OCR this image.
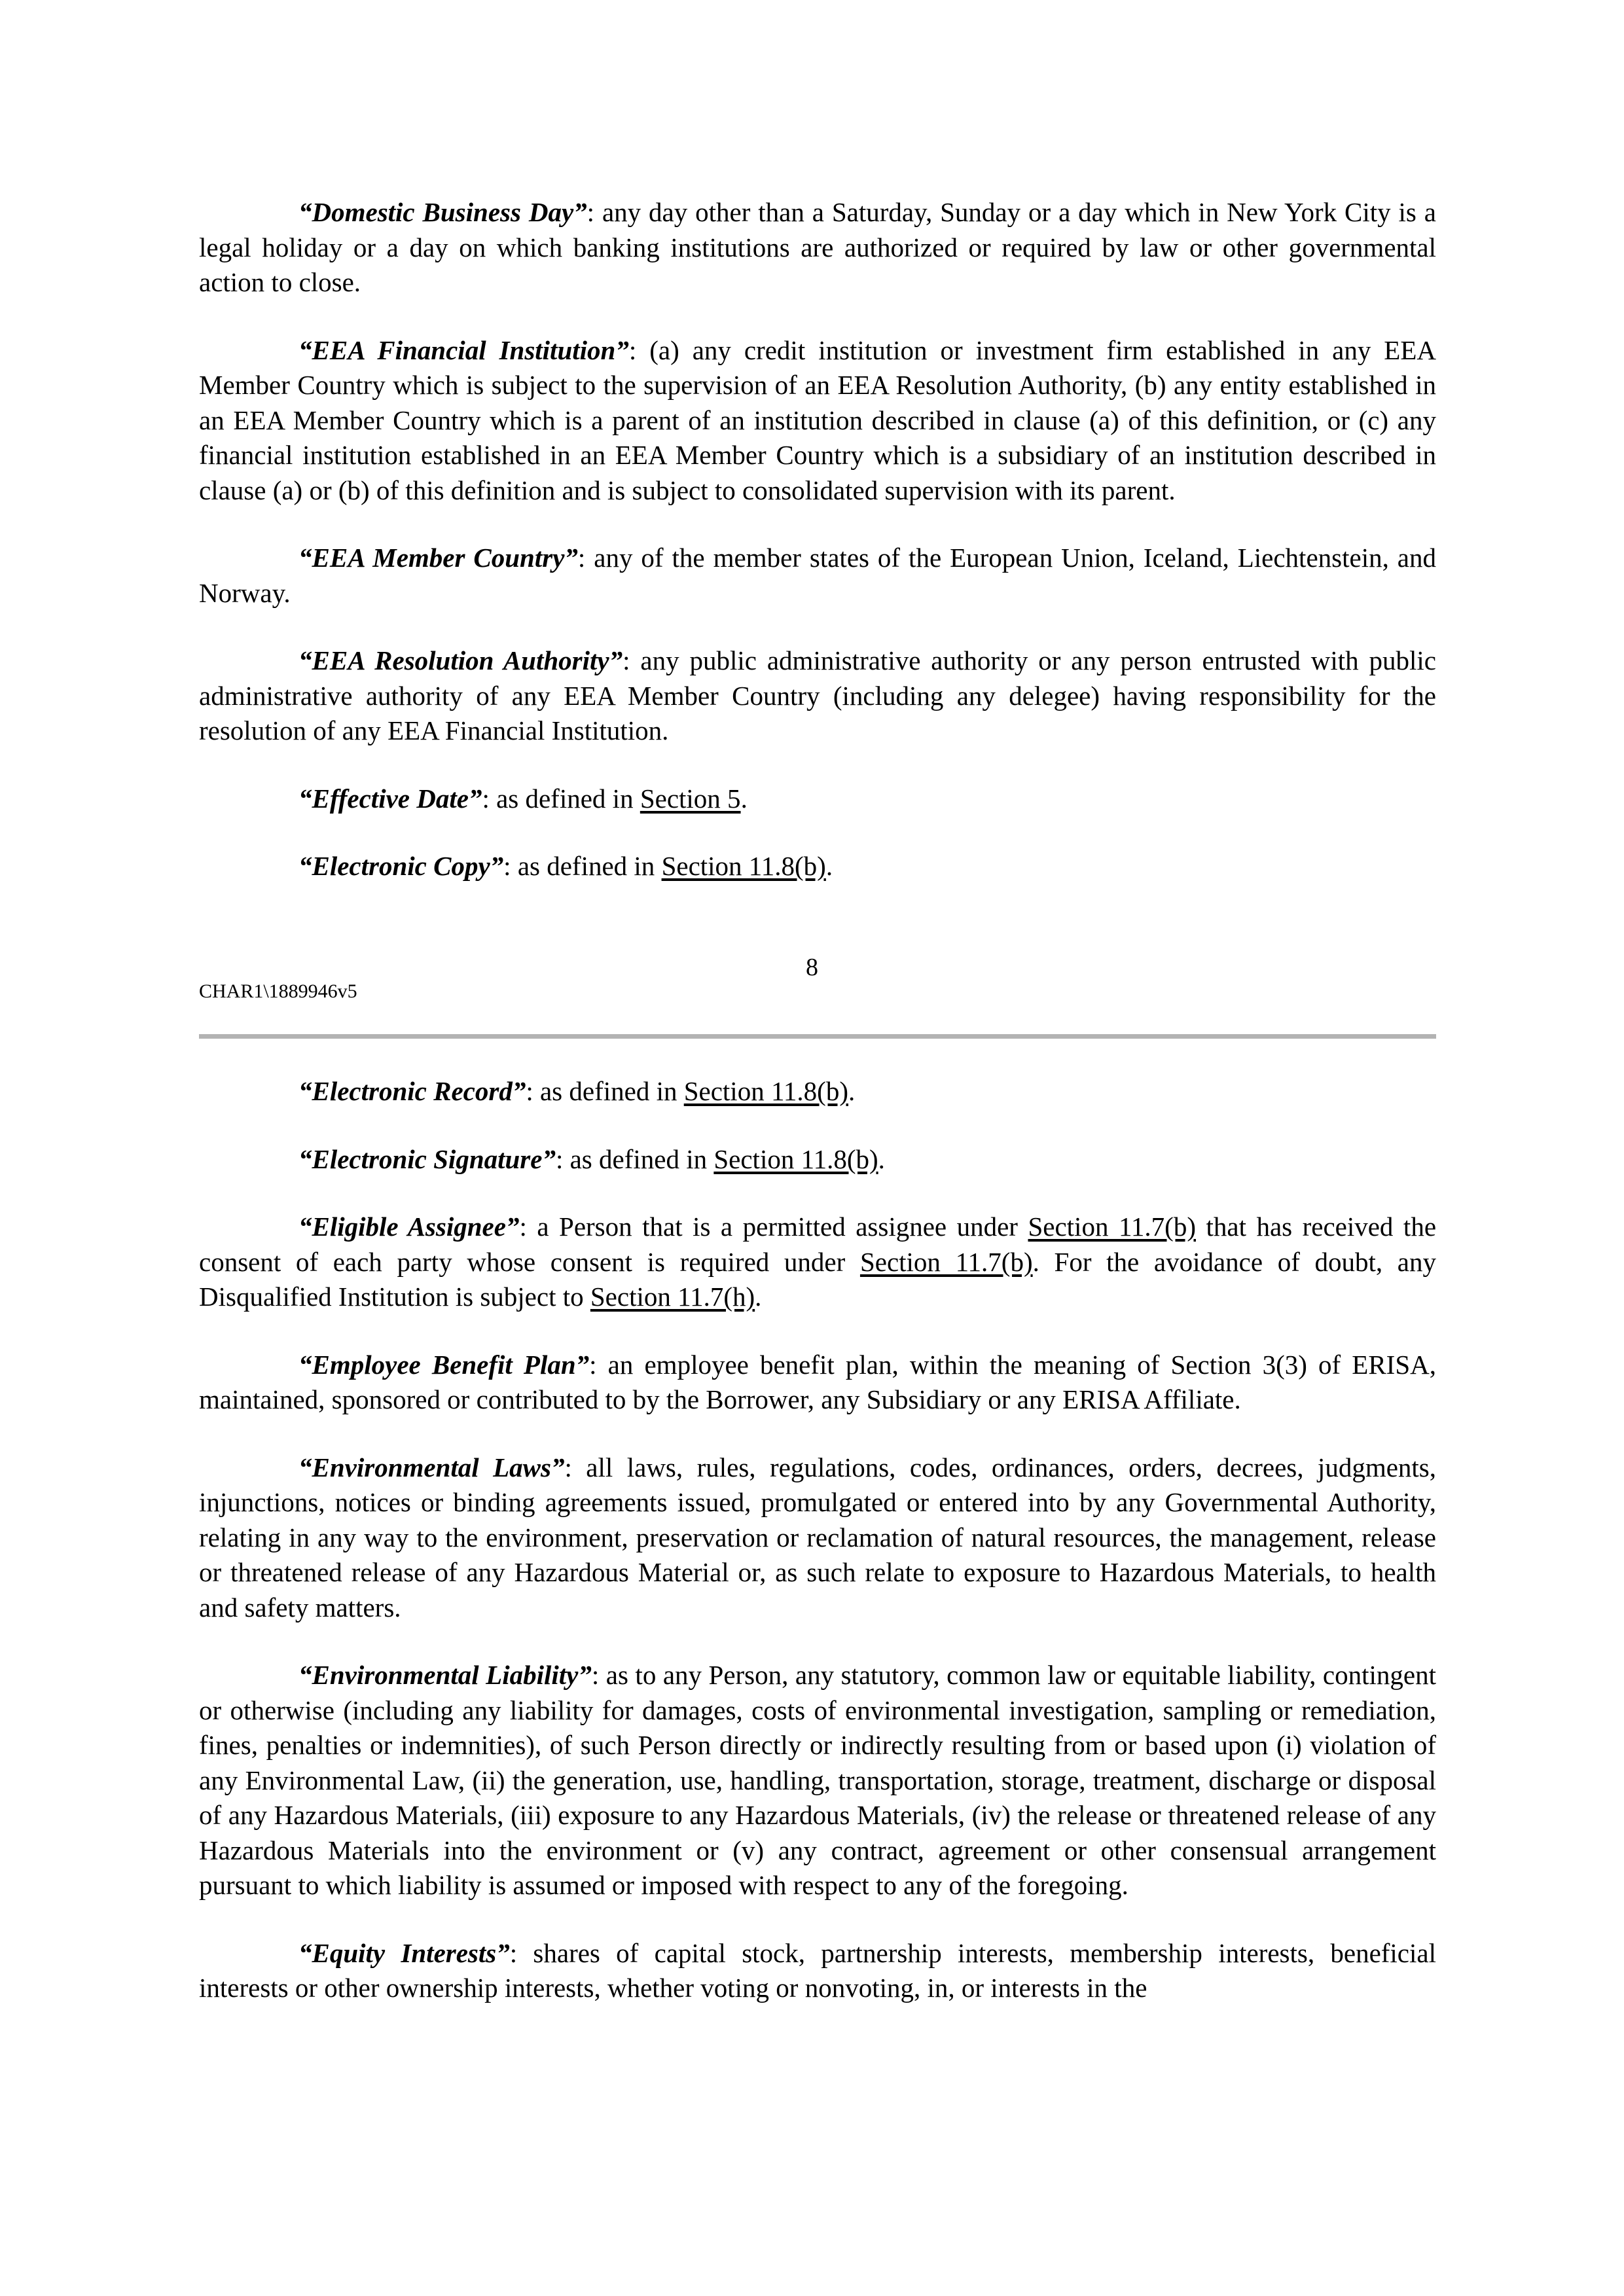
“Domestic Business Day”: any day other than a Saturday, Sunday or a day which in New York City is a legal holiday or a day on which banking institutions are authorized or required by law or other governmental action to close.

“EEA Financial Institution”: (a) any credit institution or investment firm established in any EEA Member Country which is subject to the supervision of an EEA Resolution Authority, (b) any entity established in an EEA Member Country which is a parent of an institution described in clause (a) of this definition, or (c) any financial institution established in an EEA Member Country which is a subsidiary of an institution described in clause (a) or (b) of this definition and is subject to consolidated supervision with its parent.

“EEA Member Country”: any of the member states of the European Union, Iceland, Liechtenstein, and Norway.

“EEA Resolution Authority”: any public administrative authority or any person entrusted with public administrative authority of any EEA Member Country (including any delegee) having responsibility for the resolution of any EEA Financial Institution.

“Effective Date”: as defined in Section 5.

“Electronic Copy”: as defined in Section 11.8(b).

8
CHAR1\1889946v5

“Electronic Record”: as defined in Section 11.8(b).

“Electronic Signature”: as defined in Section 11.8(b).

“Eligible Assignee”: a Person that is a permitted assignee under Section 11.7(b) that has received the consent of each party whose consent is required under Section 11.7(b). For the avoidance of doubt, any Disqualified Institution is subject to Section 11.7(h).

“Employee Benefit Plan”: an employee benefit plan, within the meaning of Section 3(3) of ERISA, maintained, sponsored or contributed to by the Borrower, any Subsidiary or any ERISA Affiliate.

“Environmental Laws”: all laws, rules, regulations, codes, ordinances, orders, decrees, judgments, injunctions, notices or binding agreements issued, promulgated or entered into by any Governmental Authority, relating in any way to the environment, preservation or reclamation of natural resources, the management, release or threatened release of any Hazardous Material or, as such relate to exposure to Hazardous Materials, to health and safety matters.

“Environmental Liability”: as to any Person, any statutory, common law or equitable liability, contingent or otherwise (including any liability for damages, costs of environmental investigation, sampling or remediation, fines, penalties or indemnities), of such Person directly or indirectly resulting from or based upon (i) violation of any Environmental Law, (ii) the generation, use, handling, transportation, storage, treatment, discharge or disposal of any Hazardous Materials, (iii) exposure to any Hazardous Materials, (iv) the release or threatened release of any Hazardous Materials into the environment or (v) any contract, agreement or other consensual arrangement pursuant to which liability is assumed or imposed with respect to any of the foregoing.

“Equity Interests”: shares of capital stock, partnership interests, membership interests, beneficial interests or other ownership interests, whether voting or nonvoting, in, or interests in the
